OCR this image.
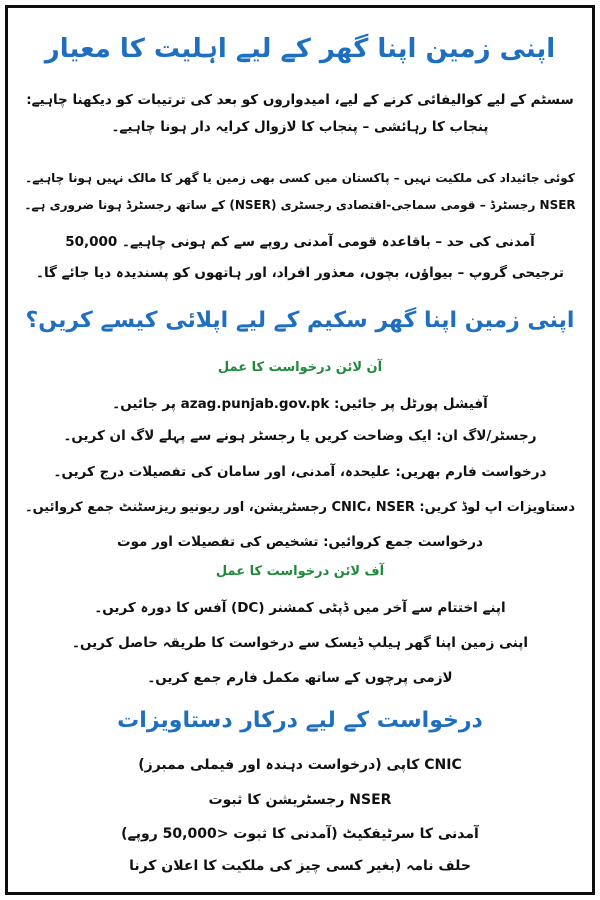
اپنی زمین اپنا گھر کے لیے اہلیت کا معیار
سسٹم کے لیے کوالیفائی کرنے کے لیے، امیدواروں کو بعد کی ترتیبات کو دیکھنا چاہیے:
پنجاب کا رہائشی – پنجاب کا لازوال کرایہ دار ہونا چاہیے۔
کوئی جائیداد کی ملکیت نہیں – پاکستان میں کسی بھی زمین یا گھر کا مالک نہیں ہونا چاہیے۔
NSER رجسٹرڈ – قومی سماجی-اقتصادی رجسٹری (NSER) کے ساتھ رجسٹرڈ ہونا ضروری ہے۔
آمدنی کی حد – باقاعدہ قومی آمدنی روپے سے کم ہونی چاہیے۔ 50,000
ترجیحی گروپ – بیواؤں، بچوں، معذور افراد، اور ہاتھوں کو پسندیدہ دیا جائے گا۔
اپنی زمین اپنا گھر سکیم کے لیے اپلائی کیسے کریں؟
آن لائن درخواست کا عمل
آفیشل پورٹل پر جائیں: azag.punjab.gov.pk پر جائیں۔
رجسٹر/لاگ ان: ایک وضاحت کریں یا رجسٹر ہونے سے پہلے لاگ ان کریں۔
درخواست فارم بھریں: علیحدہ، آمدنی، اور سامان کی تفصیلات درج کریں۔
دستاویزات اپ لوڈ کریں: CNIC، NSER رجسٹریشن، اور ریونیو ریزسٹنٹ جمع کروائیں۔
درخواست جمع کروائیں: تشخیص کی تفصیلات اور موت
آف لائن درخواست کا عمل
اپنے اختتام سے آخر میں ڈپٹی کمشنر (DC) آفس کا دورہ کریں۔
اپنی زمین اپنا گھر ہیلپ ڈیسک سے درخواست کا طریقہ حاصل کریں۔
لازمی پرچوں کے ساتھ مکمل فارم جمع کریں۔
درخواست کے لیے درکار دستاویزات
CNIC کاپی (درخواست دہندہ اور فیملی ممبرز)
NSER رجسٹریشن کا ثبوت
آمدنی کا سرٹیفکیٹ (آمدنی کا ثبوت <50,000 روپے)
حلف نامہ (بغیر کسی چیز کی ملکیت کا اعلان کرنا
